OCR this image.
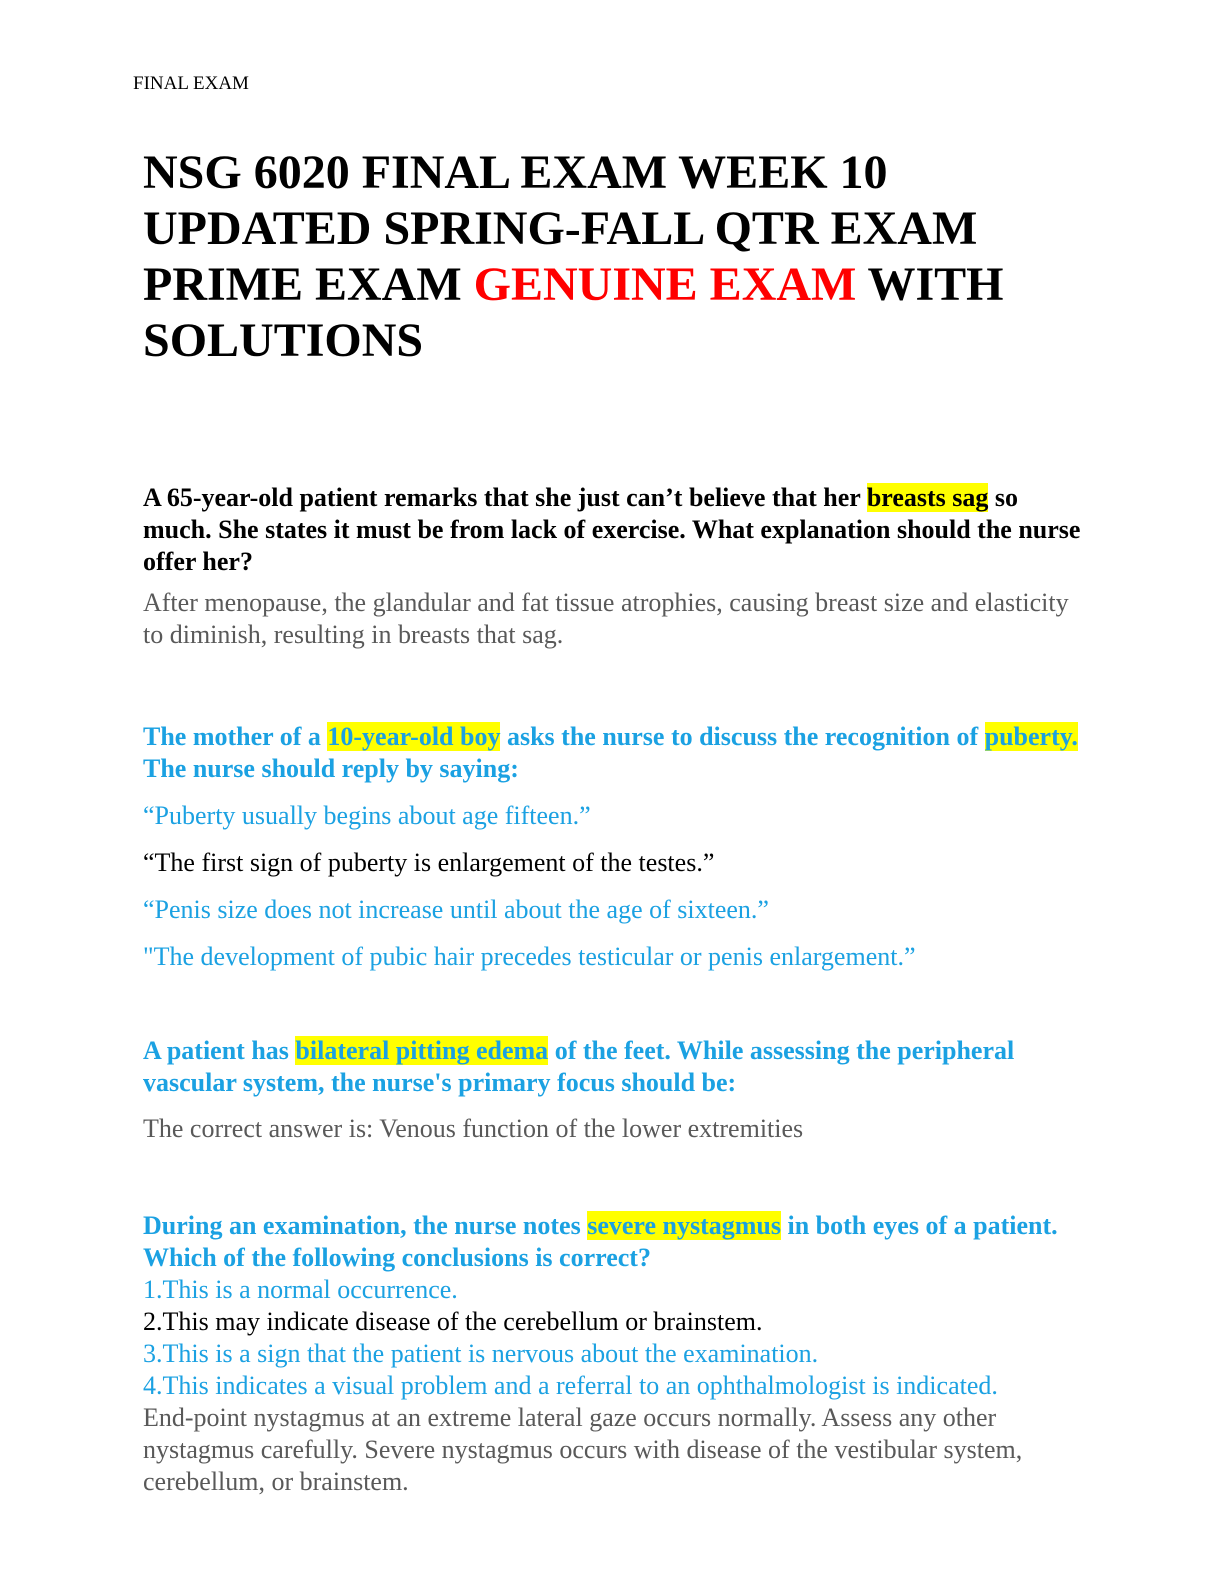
FINAL EXAM
NSG 6020 FINAL EXAM WEEK 10 UPDATED SPRING-FALL QTR EXAM PRIME EXAM GENUINE EXAM WITH SOLUTIONS

A 65-year-old patient remarks that she just can’t believe that her breasts sag so much. She states it must be from lack of exercise. What explanation should the nurse offer her?

After menopause, the glandular and fat tissue atrophies, causing breast size and elasticity to diminish, resulting in breasts that sag.

The mother of a 10-year-old boy asks the nurse to discuss the recognition of puberty. The nurse should reply by saying:

“Puberty usually begins about age fifteen.”

“The first sign of puberty is enlargement of the testes.”

“Penis size does not increase until about the age of sixteen.”

"The development of pubic hair precedes testicular or penis enlargement.”

A patient has bilateral pitting edema of the feet. While assessing the peripheral vascular system, the nurse's primary focus should be:

The correct answer is: Venous function of the lower extremities

During an examination, the nurse notes severe nystagmus in both eyes of a patient. Which of the following conclusions is correct?

1.This is a normal occurrence.

2.This may indicate disease of the cerebellum or brainstem.

3.This is a sign that the patient is nervous about the examination.

4.This indicates a visual problem and a referral to an ophthalmologist is indicated.

End-point nystagmus at an extreme lateral gaze occurs normally. Assess any other nystagmus carefully. Severe nystagmus occurs with disease of the vestibular system, cerebellum, or brainstem.
